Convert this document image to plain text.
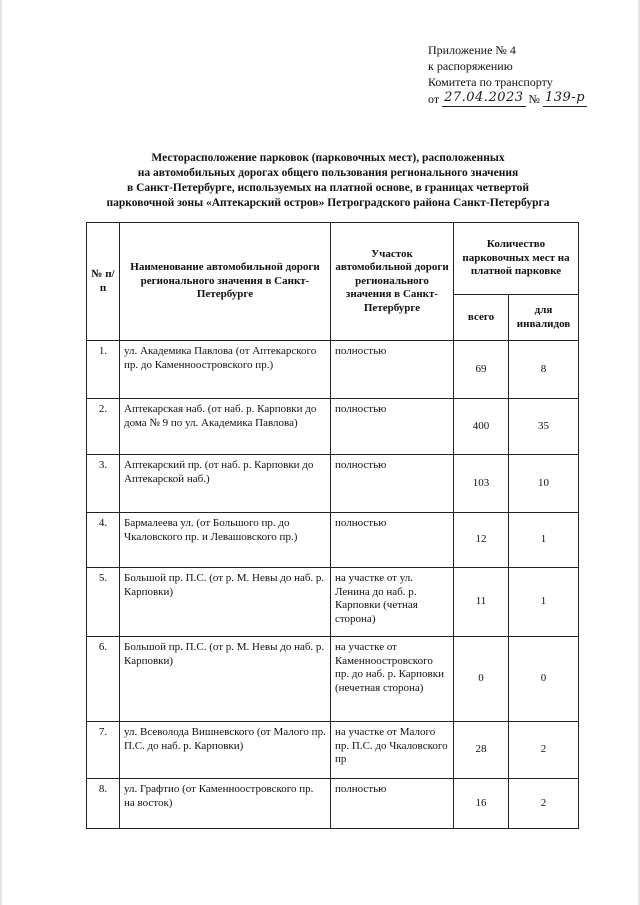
Приложение № 4
к распоряжению
Комитета по транспорту
от 27.04.2023 № 139-р
Месторасположение парковок (парковочных мест), расположенных
на автомобильных дорогах общего пользования регионального значения
в Санкт-Петербурге, используемых на платной основе, в границах четвертой
парковочной зоны «Аптекарский остров» Петроградского района Санкт-Петербурга
№ п/п	Наименование автомобильной дороги регионального значения в Санкт-Петербурге	Участок автомобильной дороги регионального значения в Санкт-Петербурге	Количество парковочных мест на платной парковке	
			всего	для инвалидов
1.	ул. Академика Павлова (от Аптекарского пр. до Каменноостровского пр.)	полностью	69	8
2.	Аптекарская наб. (от наб. р. Карповки до дома № 9 по ул. Академика Павлова)	полностью	400	35
3.	Аптекарский пр. (от наб. р. Карповки до Аптекарской наб.)	полностью	103	10
4.	Бармалеева ул. (от Большого пр. до Чкаловского пр. и Левашовского пр.)	полностью	12	1
5.	Большой пр. П.С. (от р. М. Невы до наб. р. Карповки)	на участке от ул. Ленина до наб. р. Карповки (четная сторона)	11	1
6.	Большой пр. П.С. (от р. М. Невы до наб. р. Карповки)	на участке от Каменноостровского пр. до наб. р. Карповки (нечетная сторона)	0	0
7.	ул. Всеволода Вишневского (от Малого пр. П.С. до наб. р. Карповки)	на участке от Малого пр. П.С. до Чкаловского пр	28	2
8.	ул. Графтио (от Каменноостровского пр. на восток)	полностью	16	2
